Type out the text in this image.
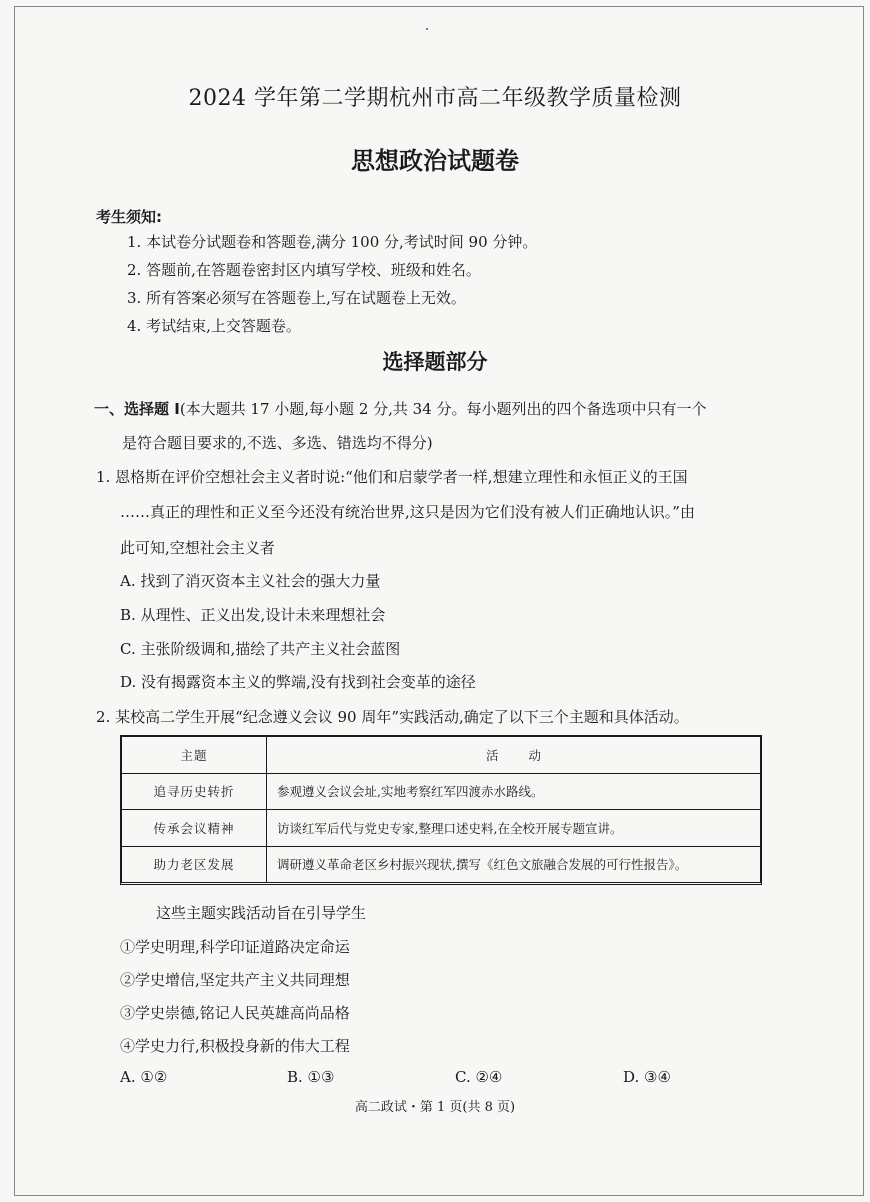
2024 学年第二学期杭州市高二年级教学质量检测
思想政治试题卷
考生须知:
1. 本试卷分试题卷和答题卷,满分 100 分,考试时间 90 分钟。
2. 答题前,在答题卷密封区内填写学校、班级和姓名。
3. 所有答案必须写在答题卷上,写在试题卷上无效。
4. 考试结束,上交答题卷。
选择题部分
一、选择题 I(本大题共 17 小题,每小题 2 分,共 34 分。每小题列出的四个备选项中只有一个
是符合题目要求的,不选、多选、错选均不得分)
1. 恩格斯在评价空想社会主义者时说:“他们和启蒙学者一样,想建立理性和永恒正义的王国
……真正的理性和正义至今还没有统治世界,这只是因为它们没有被人们正确地认识。”由
此可知,空想社会主义者
A. 找到了消灭资本主义社会的强大力量
B. 从理性、正义出发,设计未来理想社会
C. 主张阶级调和,描绘了共产主义社会蓝图
D. 没有揭露资本主义的弊端,没有找到社会变革的途径
2. 某校高二学生开展“纪念遵义会议 90 周年”实践活动,确定了以下三个主题和具体活动。
主题	活动
追寻历史转折	参观遵义会议会址,实地考察红军四渡赤水路线。
传承会议精神	访谈红军后代与党史专家,整理口述史料,在全校开展专题宣讲。
助力老区发展	调研遵义革命老区乡村振兴现状,撰写《红色文旅融合发展的可行性报告》。
这些主题实践活动旨在引导学生
①学史明理,科学印证道路决定命运
②学史增信,坚定共产主义共同理想
③学史崇德,铭记人民英雄高尚品格
④学史力行,积极投身新的伟大工程
A. ①②	B. ①③	C. ②④	D. ③④
高二政试・第 1 页(共 8 页)
